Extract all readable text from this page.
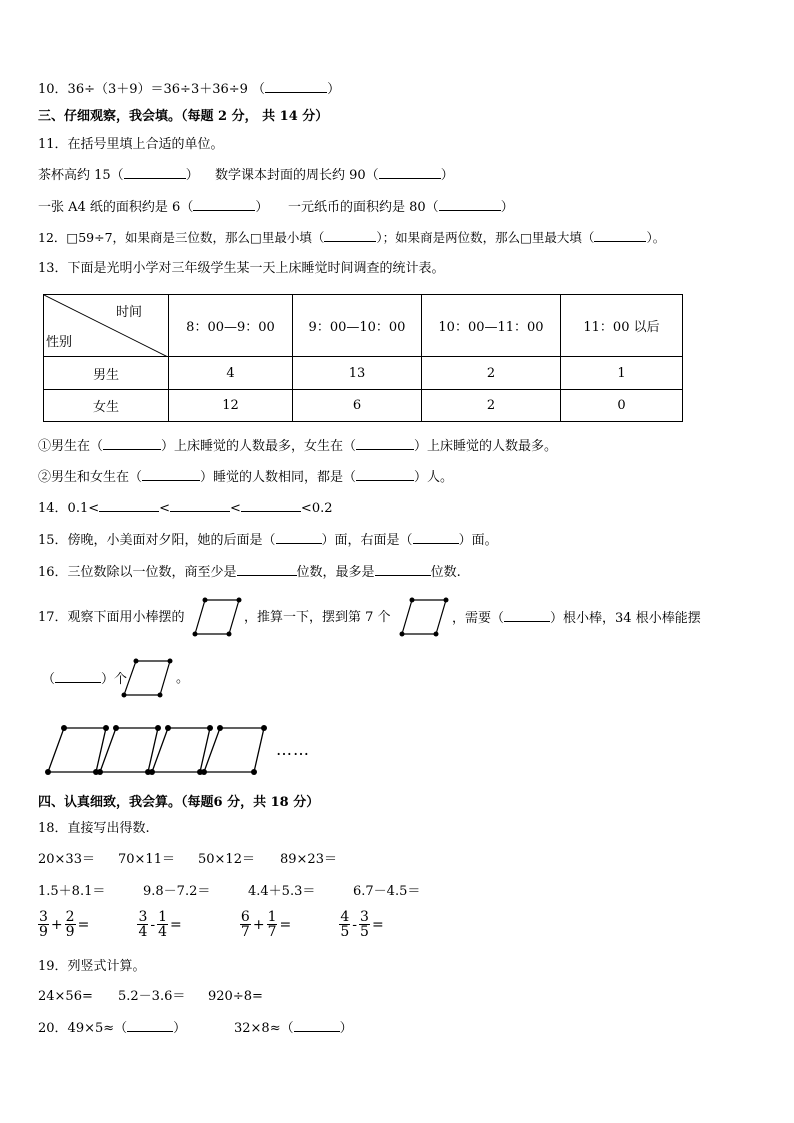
10．36÷（3＋9）＝36÷3＋36÷9 （	）
三、仔细观察，我会填。（每题 2 分， 共 14 分）
11．在括号里填上合适的单位。
茶杯高约 15（	） 数学课本封面的周长约 90（	）
一张 A4 纸的面积约是 6（	） 一元纸币的面积约是 80（	）
12．□59÷7，如果商是三位数，那么□里最小填（	）；如果商是两位数，那么□里最大填（	）。
13．下面是光明小学对三年级学生某一天上床睡觉时间调查的统计表。
时间
性别	8：00—9：00	9：00—10：00	10：00—11：00	11：00 以后
男生	4	13	2	1
女生	12	6	2	0
①男生在（	）上床睡觉的人数最多，女生在（	）上床睡觉的人数最多。
②男生和女生在（	）睡觉的人数相同，都是（	）人。
14．0.1<	<	<	<0.2
15．傍晚，小美面对夕阳，她的后面是（	）面，右面是（	）面。
16．三位数除以一位数，商至少是	位数，最多是	位数.
17．观察下面用小棒摆的	，推算一下，摆到第 7 个	，需要（	）根小棒，34 根小棒能摆
（	）个	。
……
四、认真细致，我会算。（每题6 分，共 18 分）
18．直接写出得数.
20×33＝ 70×11＝ 50×12＝ 89×23＝
1.5＋8.1＝	9.8－7.2＝	4.4＋5.3＝	6.7－4.5＝
$\frac{3}{9} + \frac{2}{9}$ =
	$\frac{3}{4} - \frac{1}{4}$ =
	$\frac{6}{7} + \frac{1}{7}$ =
	$\frac{4}{5} - \frac{3}{5}$ =
19．列竖式计算。
24×56= 5.2－3.6＝ 920÷8=
20．49×5≈（	）	32×8≈（	）
